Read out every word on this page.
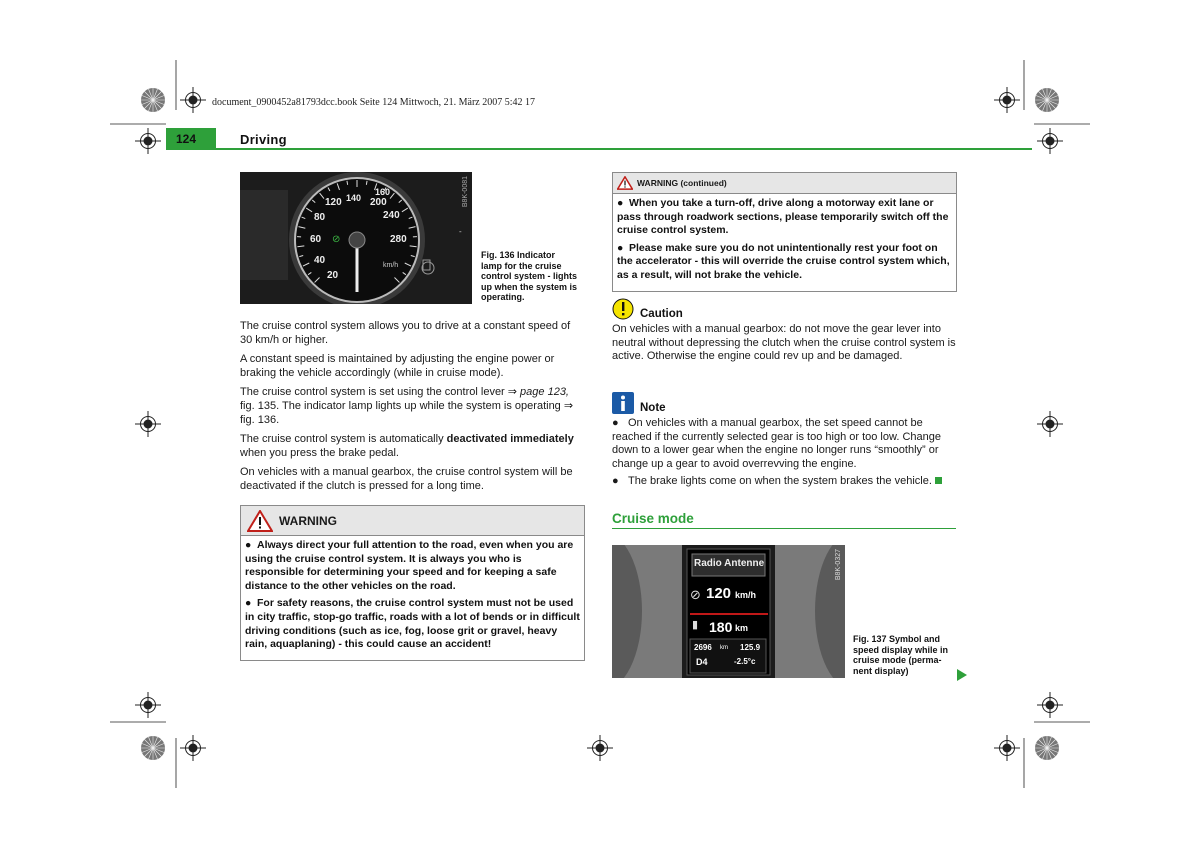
document_0900452a81793dcc.book Seite 124 Mittwoch, 21. März 2007 5:42 17
124	Driving
⊘
-
140
160
120	200
80	240
60	280
40
20
km/h
B8K-0081
Fig. 136 Indicator
lamp for the cruise
control system - lights
up when the system is
operating.

The cruise control system allows you to drive at a constant speed of 30 km/h or higher.

A constant speed is maintained by adjusting the engine power or braking the vehicle accordingly (while in cruise mode).

The cruise control system is set using the control lever ⇒ page 123, fig. 135. The indicator lamp lights up while the system is operating ⇒ fig. 136.

The cruise control system is automatically deactivated immediately when you press the brake pedal.

On vehicles with a manual gearbox, the cruise control system will be deactivated if the clutch is pressed for a long time.

WARNING

● Always direct your full attention to the road, even when you are using the cruise control system. It is always you who is responsible for determining your speed and for keeping a safe distance to the other vehicles on the road.

● For safety reasons, the cruise control system must not be used in city traffic, stop-go traffic, roads with a lot of bends or in difficult driving conditions (such as ice, fog, loose grit or gravel, heavy rain, aquaplaning) - this could cause an accident!

WARNING (continued)

● When you take a turn-off, drive along a motorway exit lane or pass through roadwork sections, please temporarily switch off the cruise control system.

● Please make sure you do not unintentionally rest your foot on the accelerator - this will override the cruise control system which, as a result, will not brake the vehicle.

Caution
On vehicles with a manual gearbox: do not move the gear lever into neutral without depressing the clutch when the cruise control system is active. Otherwise the engine could rev up and be damaged.
Note

● On vehicles with a manual gearbox, the set speed cannot be reached if the currently selected gear is too high or too low. Change down to a lower gear when the engine no longer runs “smoothly” or change up a gear to avoid overrevving the engine.

● The brake lights come on when the system brakes the vehicle.

Cruise mode
Radio Antenne
⊘ 120 km/h
▮ 180 km
2696 km 125.9
D4	-2.5°c
B8K-0327
Fig. 137 Symbol and
speed display while in
cruise mode (perma-
nent display)
